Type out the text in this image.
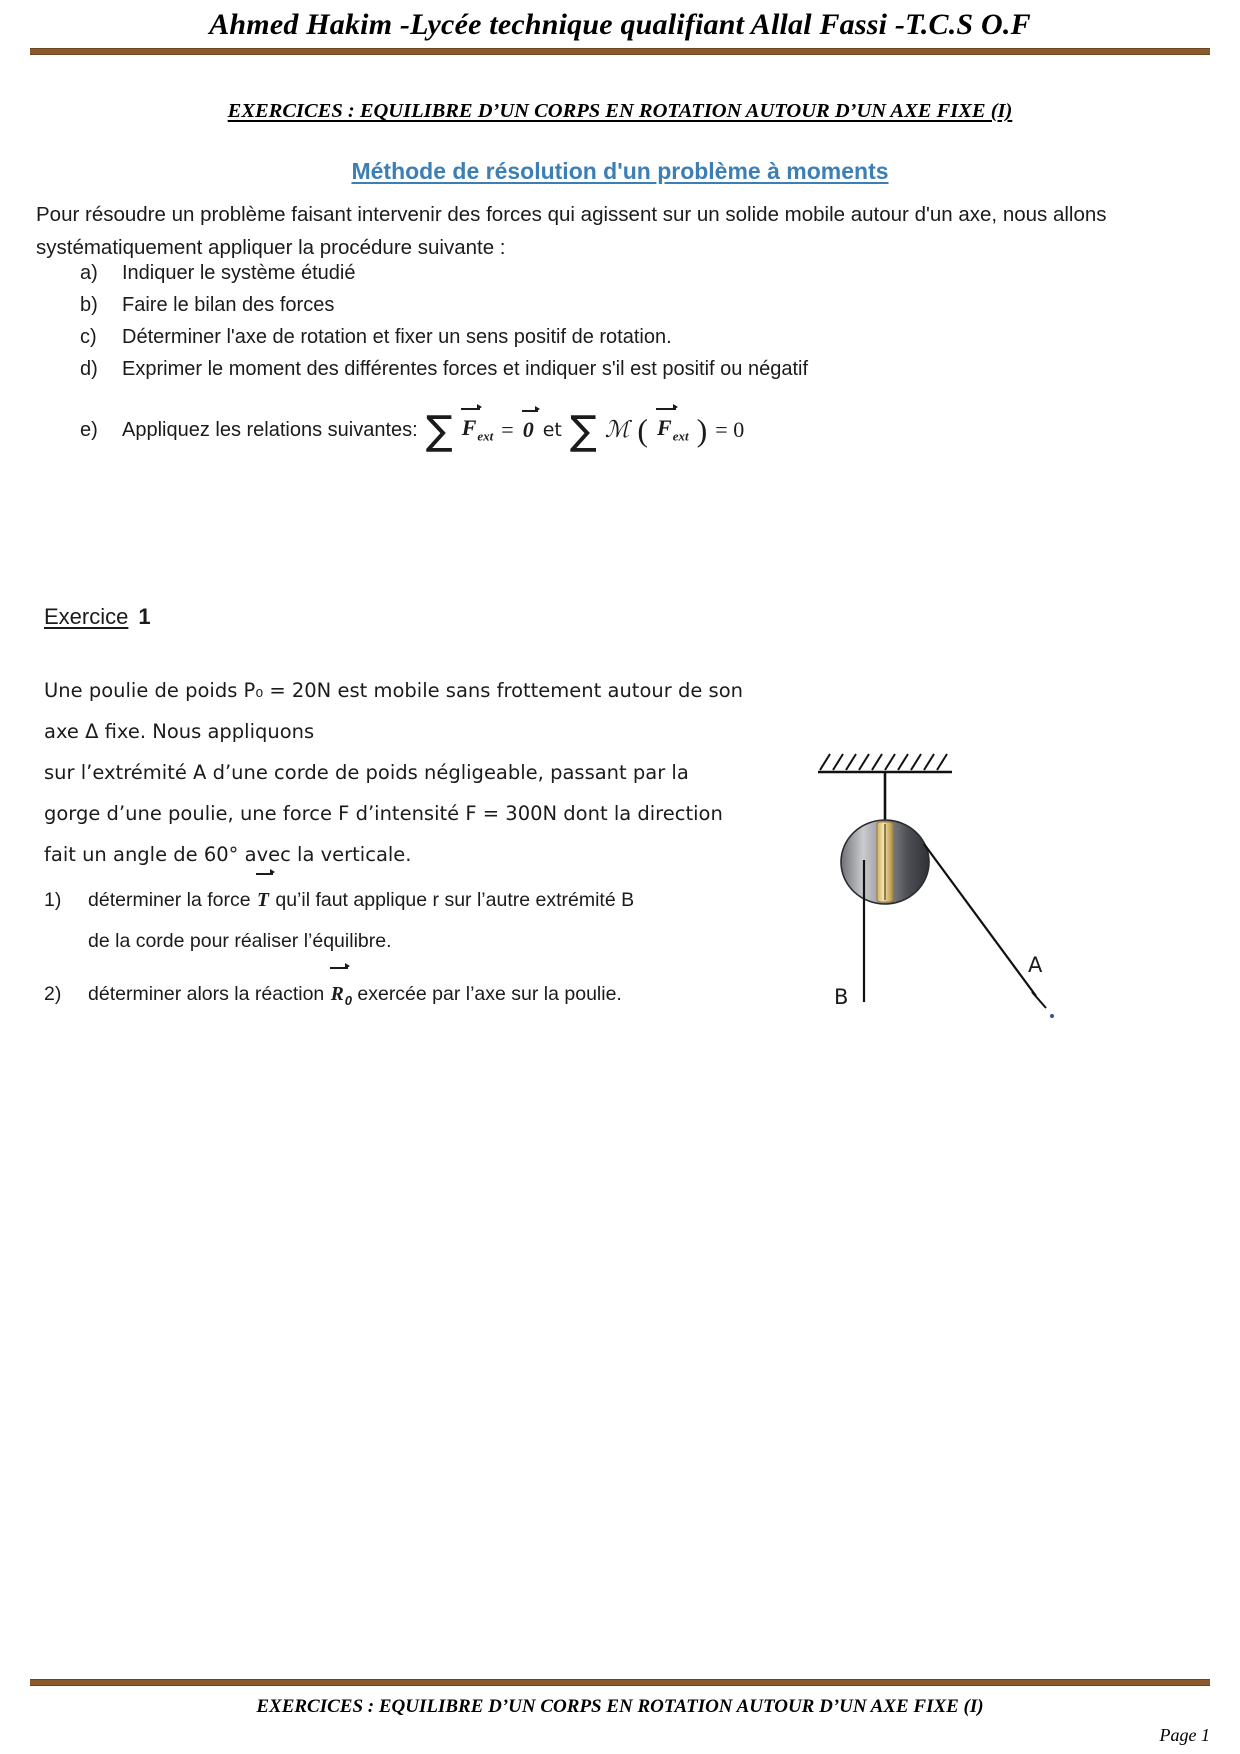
Ahmed Hakim -Lycée technique qualifiant Allal Fassi -T.C.S O.F
EXERCICES : EQUILIBRE D’UN CORPS EN ROTATION AUTOUR D’UN AXE FIXE (I)
Méthode de résolution d'un problème à moments
Pour résoudre un problème faisant intervenir des forces qui agissent sur un solide mobile autour d'un axe, nous allons systématiquement appliquer la procédure suivante :
a)	Indiquer le système étudié
b)	Faire le bilan des forces
c)	Déterminer l'axe de rotation et fixer un sens positif de rotation.
d)	Exprimer le moment des différentes forces et indiquer s'il est positif ou négatif
e)	Appliquez les relations suivantes: ∑ $F_{ext} = 0$ et ∑ ℳ ( $F_{ext}$ ) = 0
Exercice 1
Une poulie de poids P₀ = 20N est mobile sans frottement autour de son axe Δ fixe. Nous appliquons
sur l’extrémité A d’une corde de poids négligeable, passant par la
gorge d’une poulie, une force F d’intensité F = 300N dont la direction
fait un angle de 60° avec la verticale.
1)	déterminer la force T qu’il faut applique r sur l’autre extrémité B
de la corde pour réaliser l’équilibre.
2)	déterminer alors la réaction $R_0$ exercée par l’axe sur la poulie.
A
B
EXERCICES : EQUILIBRE D’UN CORPS EN ROTATION AUTOUR D’UN AXE FIXE (I)
Page 1
